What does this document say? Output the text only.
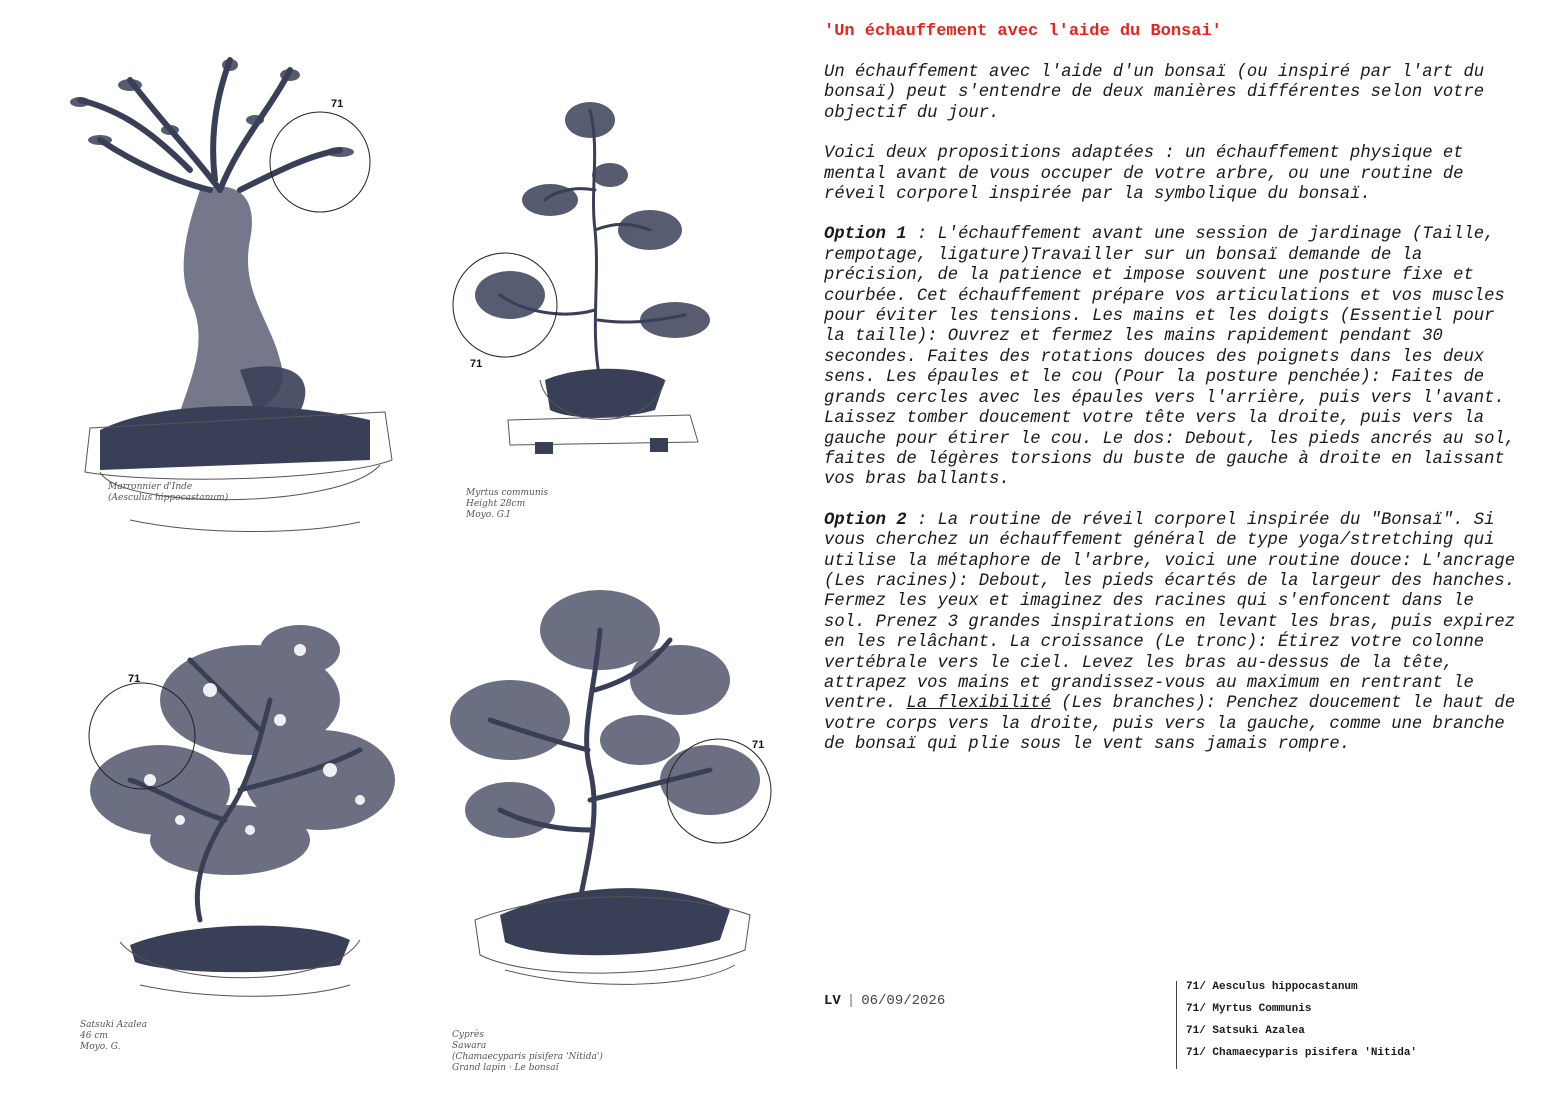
71
Marronnier d'Inde
(Aesculus hippocastanum)
71
Myrtus communis
Height 28cm
Moyo. G.I
71
Satsuki Azalea
46 cm
Moyo. G.
71
Cyprès
Sawara
(Chamaecyparis pisifera 'Nitida')
Grand lapin · Le bonsaï
'Un échauffement avec l'aide du Bonsai'

Un échauffement avec l'aide d'un bonsaï (ou inspiré par l'art du bonsaï) peut s'entendre de deux manières différentes selon votre objectif du jour.

Voici deux propositions adaptées : un échauffement physique et mental avant de vous occuper de votre arbre, ou une routine de réveil corporel inspirée par la symbolique du bonsaï.

Option 1 : L'échauffement avant une session de jardinage (Taille, rempotage, ligature)Travailler sur un bonsaï demande de la précision, de la patience et impose souvent une posture fixe et courbée. Cet échauffement prépare vos articulations et vos muscles pour éviter les tensions. Les mains et les doigts (Essentiel pour la taille): Ouvrez et fermez les mains rapidement pendant 30 secondes. Faites des rotations douces des poignets dans les deux sens. Les épaules et le cou (Pour la posture penchée): Faites de grands cercles avec les épaules vers l'arrière, puis vers l'avant. Laissez tomber doucement votre tête vers la droite, puis vers la gauche pour étirer le cou. Le dos: Debout, les pieds ancrés au sol, faites de légères torsions du buste de gauche à droite en laissant vos bras ballants.

Option 2 : La routine de réveil corporel inspirée du "Bonsaï". Si vous cherchez un échauffement général de type yoga/stretching qui utilise la métaphore de l'arbre, voici une routine douce: L'ancrage (Les racines): Debout, les pieds écartés de la largeur des hanches. Fermez les yeux et imaginez des racines qui s'enfoncent dans le sol. Prenez 3 grandes inspirations en levant les bras, puis expirez en les relâchant. La croissance (Le tronc): Étirez votre colonne vertébrale vers le ciel. Levez les bras au-dessus de la tête, attrapez vos mains et grandissez-vous au maximum en rentrant le ventre. La flexibilité (Les branches): Penchez doucement le haut de votre corps vers la droite, puis vers la gauche, comme une branche de bonsaï qui plie sous le vent sans jamais rompre.

LV | 06/09/2026
71/ Aesculus hippocastanum
71/ Myrtus Communis
71/ Satsuki Azalea
71/ Chamaecyparis pisifera 'Nitida'
